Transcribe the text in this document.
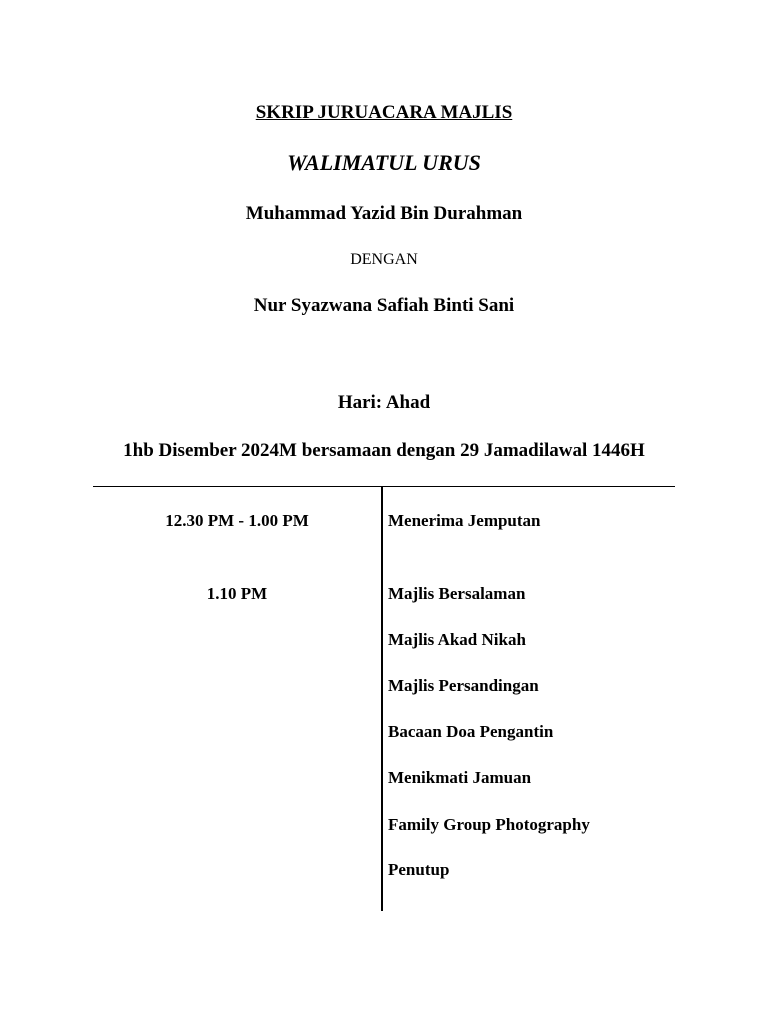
SKRIP JURUACARA MAJLIS
WALIMATUL URUS
Muhammad Yazid Bin Durahman
DENGAN
Nur Syazwana Safiah Binti Sani
Hari: Ahad
1hb Disember 2024M bersamaan dengan 29 Jamadilawal 1446H
12.30 PM - 1.00 PM	Menerima Jemputan
1.10 PM	Majlis Bersalaman
Majlis Akad Nikah
Majlis Persandingan
Bacaan Doa Pengantin
Menikmati Jamuan
Family Group Photography
Penutup
